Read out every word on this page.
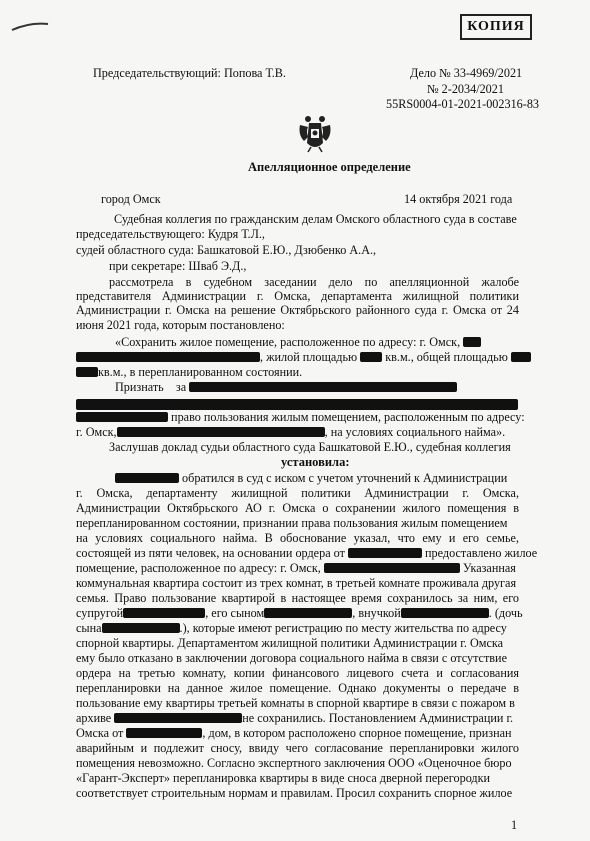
КОПИЯ
Председательствующий: Попова Т.В.	Дело № 33-4969/2021
№ 2-2034/2021
55RS0004-01-2021-002316-83
Апелляционное определение
город Омск	14 октября 2021 года
Судебная коллегия по гражданским делам Омского областного суда в составе
председательствующего: Кудря Т.Л.,
судей областного суда: Башкатовой Е.Ю., Дзюбенко А.А.,
при секретаре: Шваб Э.Д.,
рассмотрела в судебном заседании дело по апелляционной жалобе
представителя Администрации г. Омска, департамента жилищной политики
Администрации г. Омска на решение Октябрьского районного суда г. Омска от 24
июня 2021 года, которым постановлено:
«Сохранить жилое помещение, расположенное по адресу: г. Омск,
, жилой площадью кв.м., общей площадью
кв.м., в перепланированном состоянии.
Признать за
право пользования жилым помещением, расположенным по адресу:
г. Омск,	, на условиях социального найма».
Заслушав доклад судьи областного суда Башкатовой Е.Ю., судебная коллегия
установила:
обратился в суд с иском с учетом уточнений к Администрации
г. Омска, департаменту жилищной политики Администрации г. Омска,
Администрации Октябрьского АО г. Омска о сохранении жилого помещения в
перепланированном состоянии, признании права пользования жилым помещением
на условиях социального найма. В обоснование указал, что ему и его семье,
состоящей из пяти человек, на основании ордера от	предоставлено жилое
помещение, расположенное по адресу: г. Омск,	Указанная
коммунальная квартира состоит из трех комнат, в третьей комнате проживала другая
семья. Право пользование квартирой в настоящее время сохранилось за ним, его
супругой	, его сыном	, внучкой	. (дочь
сына	.), которые имеют регистрацию по месту жительства по адресу
спорной квартиры. Департаментом жилищной политики Администрации г. Омска
ему было отказано в заключении договора социального найма в связи с отсутствие
ордера на третью комнату, копии финансового лицевого счета и согласования
перепланировки на данное жилое помещение. Однако документы о передаче в
пользование ему квартиры третьей комнаты в спорной квартире в связи с пожаром в
архиве	не сохранились. Постановлением Администрации г.
Омска от	, дом, в котором расположено спорное помещение, признан
аварийным и подлежит сносу, ввиду чего согласование перепланировки жилого
помещения невозможно. Согласно экспертного заключения ООО «Оценочное бюро
«Гарант-Эксперт» перепланировка квартиры в виде сноса дверной перегородки
соответствует строительным нормам и правилам. Просил сохранить спорное жилое
1
